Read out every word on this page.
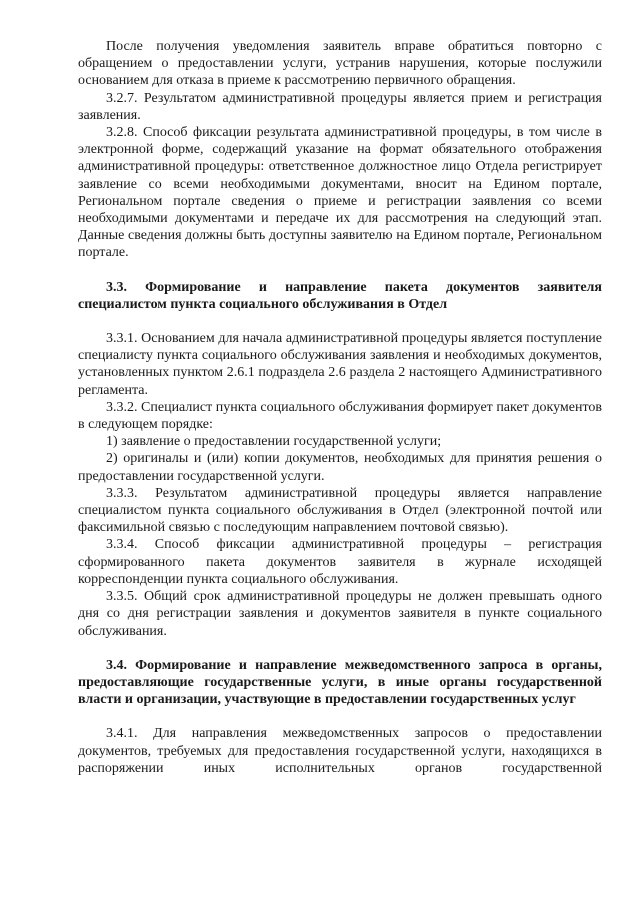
После получения уведомления заявитель вправе обратиться повторно с обращением о предоставлении услуги, устранив нарушения, которые послужили основанием для отказа в приеме к рассмотрению первичного обращения.

3.2.7. Результатом административной процедуры является прием и регистрация заявления.

3.2.8. Способ фиксации результата административной процедуры, в том числе в электронной форме, содержащий указание на формат обязательного отображения административной процедуры: ответственное должностное лицо Отдела регистрирует заявление со всеми необходимыми документами, вносит на Едином портале, Региональном портале сведения о приеме и регистрации заявления со всеми необходимыми документами и передаче их для рассмотрения на следующий этап. Данные сведения должны быть доступны заявителю на Едином портале, Региональном портале.

3.3. Формирование и направление пакета документов заявителя специалистом пункта социального обслуживания в Отдел

3.3.1. Основанием для начала административной процедуры является поступление специалисту пункта социального обслуживания заявления и необходимых документов, установленных пунктом 2.6.1 подраздела 2.6 раздела 2 настоящего Административного регламента.

3.3.2. Специалист пункта социального обслуживания формирует пакет документов в следующем порядке:

1) заявление о предоставлении государственной услуги;

2) оригиналы и (или) копии документов, необходимых для принятия решения о предоставлении государственной услуги.

3.3.3. Результатом административной процедуры является направление специалистом пункта социального обслуживания в Отдел (электронной почтой или факсимильной связью с последующим направлением почтовой связью).

3.3.4. Способ фиксации административной процедуры – регистрация сформированного пакета документов заявителя в журнале исходящей корреспонденции пункта социального обслуживания.

3.3.5. Общий срок административной процедуры не должен превышать одного дня со дня регистрации заявления и документов заявителя в пункте социального обслуживания.

3.4. Формирование и направление межведомственного запроса в органы, предоставляющие государственные услуги, в иные органы государственной власти и организации, участвующие в предоставлении государственных услуг

3.4.1. Для направления межведомственных запросов о предоставлении документов, требуемых для предоставления государственной услуги, находящихся в распоряжении иных исполнительных органов государственной
